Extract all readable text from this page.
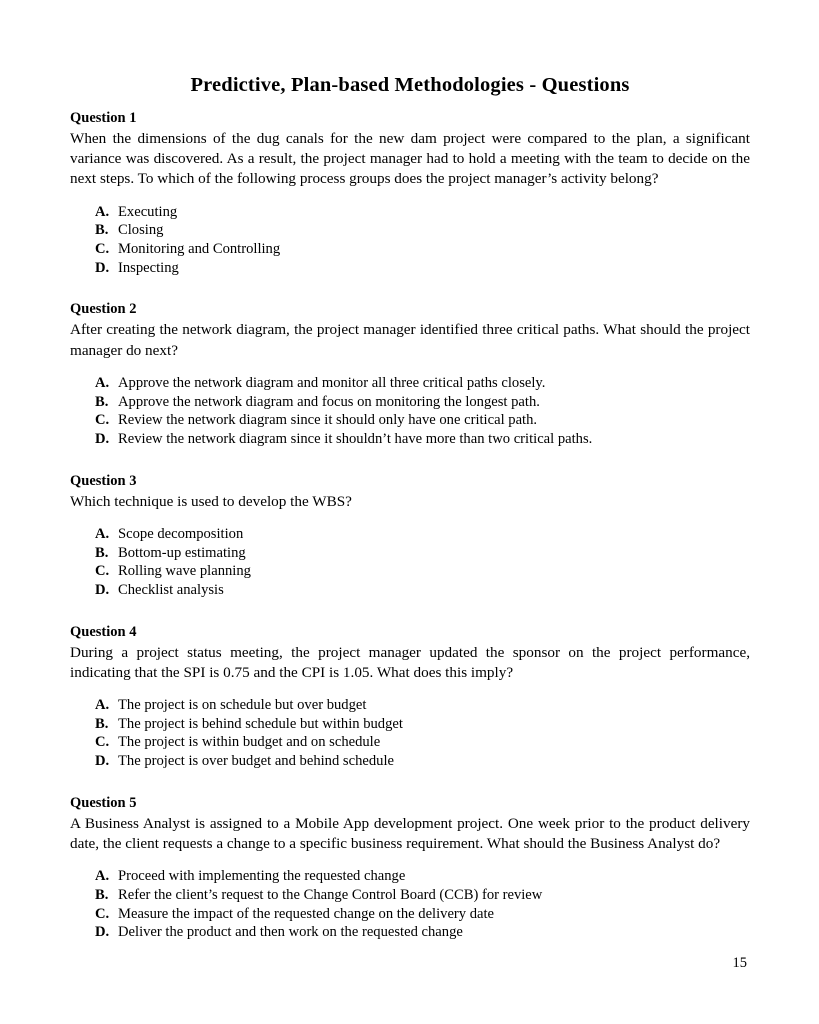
Predictive, Plan-based Methodologies - Questions
Question 1

When the dimensions of the dug canals for the new dam project were compared to the plan, a significant variance was discovered. As a result, the project manager had to hold a meeting with the team to decide on the next steps. To which of the following process groups does the project manager’s activity belong?

A. Executing
B. Closing
C. Monitoring and Controlling
D. Inspecting
Question 2

After creating the network diagram, the project manager identified three critical paths. What should the project manager do next?

A. Approve the network diagram and monitor all three critical paths closely.
B. Approve the network diagram and focus on monitoring the longest path.
C. Review the network diagram since it should only have one critical path.
D. Review the network diagram since it shouldn’t have more than two critical paths.
Question 3

Which technique is used to develop the WBS?

A. Scope decomposition
B. Bottom-up estimating
C. Rolling wave planning
D. Checklist analysis
Question 4

During a project status meeting, the project manager updated the sponsor on the project performance, indicating that the SPI is 0.75 and the CPI is 1.05. What does this imply?

A. The project is on schedule but over budget
B. The project is behind schedule but within budget
C. The project is within budget and on schedule
D. The project is over budget and behind schedule
Question 5

A Business Analyst is assigned to a Mobile App development project. One week prior to the product delivery date, the client requests a change to a specific business requirement. What should the Business Analyst do?

A. Proceed with implementing the requested change
B. Refer the client’s request to the Change Control Board (CCB) for review
C. Measure the impact of the requested change on the delivery date
D. Deliver the product and then work on the requested change
15
